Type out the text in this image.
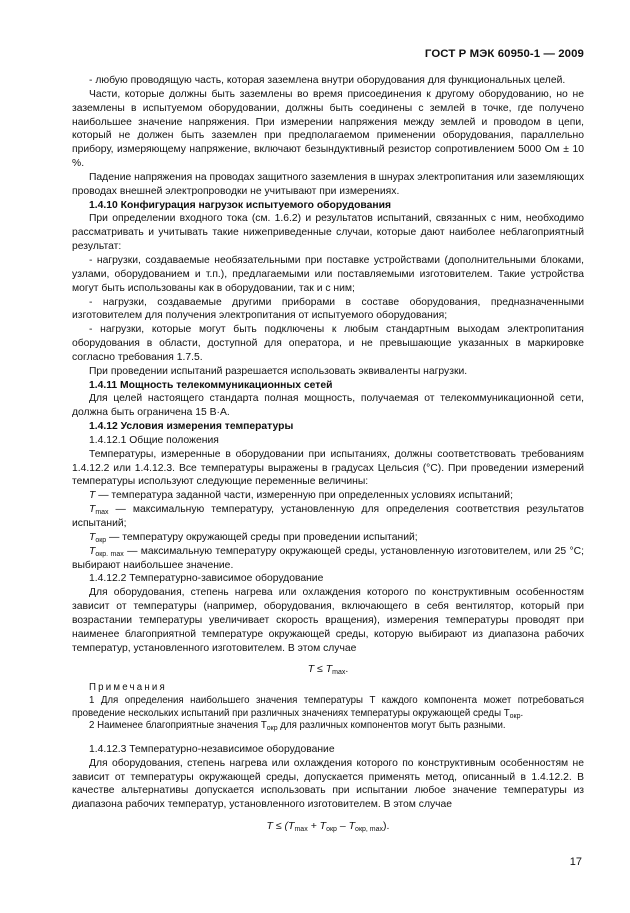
ГОСТ Р МЭК 60950-1 — 2009

- любую проводящую часть, которая заземлена внутри оборудования для функциональных целей.

Части, которые должны быть заземлены во время присоединения к другому оборудованию, но не заземлены в испытуемом оборудовании, должны быть соединены с землей в точке, где получено наибольшее значение напряжения. При измерении напряжения между землей и проводом в цепи, который не должен быть заземлен при предполагаемом применении оборудования, параллельно прибору, измеряющему напряжение, включают безындуктивный резистор сопротивлением 5000 Ом ± 10 %.

Падение напряжения на проводах защитного заземления в шнурах электропитания или заземляющих проводах внешней электропроводки не учитывают при измерениях.

1.4.10 Конфигурация нагрузок испытуемого оборудования

При определении входного тока (см. 1.6.2) и результатов испытаний, связанных с ним, необходимо рассматривать и учитывать такие нижеприведенные случаи, которые дают наиболее неблагоприятный результат:

- нагрузки, создаваемые необязательными при поставке устройствами (дополнительными блоками, узлами, оборудованием и т.п.), предлагаемыми или поставляемыми изготовителем. Такие устройства могут быть использованы как в оборудовании, так и с ним;

- нагрузки, создаваемые другими приборами в составе оборудования, предназначенными изготовителем для получения электропитания от испытуемого оборудования;

- нагрузки, которые могут быть подключены к любым стандартным выходам электропитания оборудования в области, доступной для оператора, и не превышающие указанных в маркировке согласно требования 1.7.5.

При проведении испытаний разрешается использовать эквиваленты нагрузки.

1.4.11 Мощность телекоммуникационных сетей

Для целей настоящего стандарта полная мощность, получаемая от телекоммуникационной сети, должна быть ограничена 15 В·А.

1.4.12 Условия измерения температуры

1.4.12.1 Общие положения

Температуры, измеренные в оборудовании при испытаниях, должны соответствовать требованиям 1.4.12.2 или 1.4.12.3. Все температуры выражены в градусах Цельсия (°С). При проведении измерений температуры используют следующие переменные величины:

T — температура заданной части, измеренную при определенных условиях испытаний;

$T_{max}$ — максимальную температуру, установленную для определения соответствия результатов испытаний;

$T_{окр}$ — температуру окружающей среды при проведении испытаний;

$T_{окр. max}$ — максимальную температуру окружающей среды, установленную изготовителем, или 25 °С; выбирают наибольшее значение.

1.4.12.2 Температурно-зависимое оборудование

Для оборудования, степень нагрева или охлаждения которого по конструктивным особенностям зависит от температуры (например, оборудования, включающего в себя вентилятор, который при возрастании температуры увеличивает скорость вращения), измерения температуры проводят при наименее благоприятной температуре окружающей среды, которую выбирают из диапазона рабочих температур, установленного изготовителем. В этом случае

$T \le T_{max}$.

Примечания

1 Для определения наибольшего значения температуры T каждого компонента может потребоваться проведение нескольких испытаний при различных значениях температуры окружающей среды $T_{окр}$.

2 Наименее благоприятные значения $T_{окр}$ для различных компонентов могут быть разными.

1.4.12.3 Температурно-независимое оборудование

Для оборудования, степень нагрева или охлаждения которого по конструктивным особенностям не зависит от температуры окружающей среды, допускается применять метод, описанный в 1.4.12.2. В качестве альтернативы допускается использовать при испытании любое значение температуры из диапазона рабочих температур, установленного изготовителем. В этом случае

$T \le (T_{max} + T_{окр} - T_{окр, max})$.

17
